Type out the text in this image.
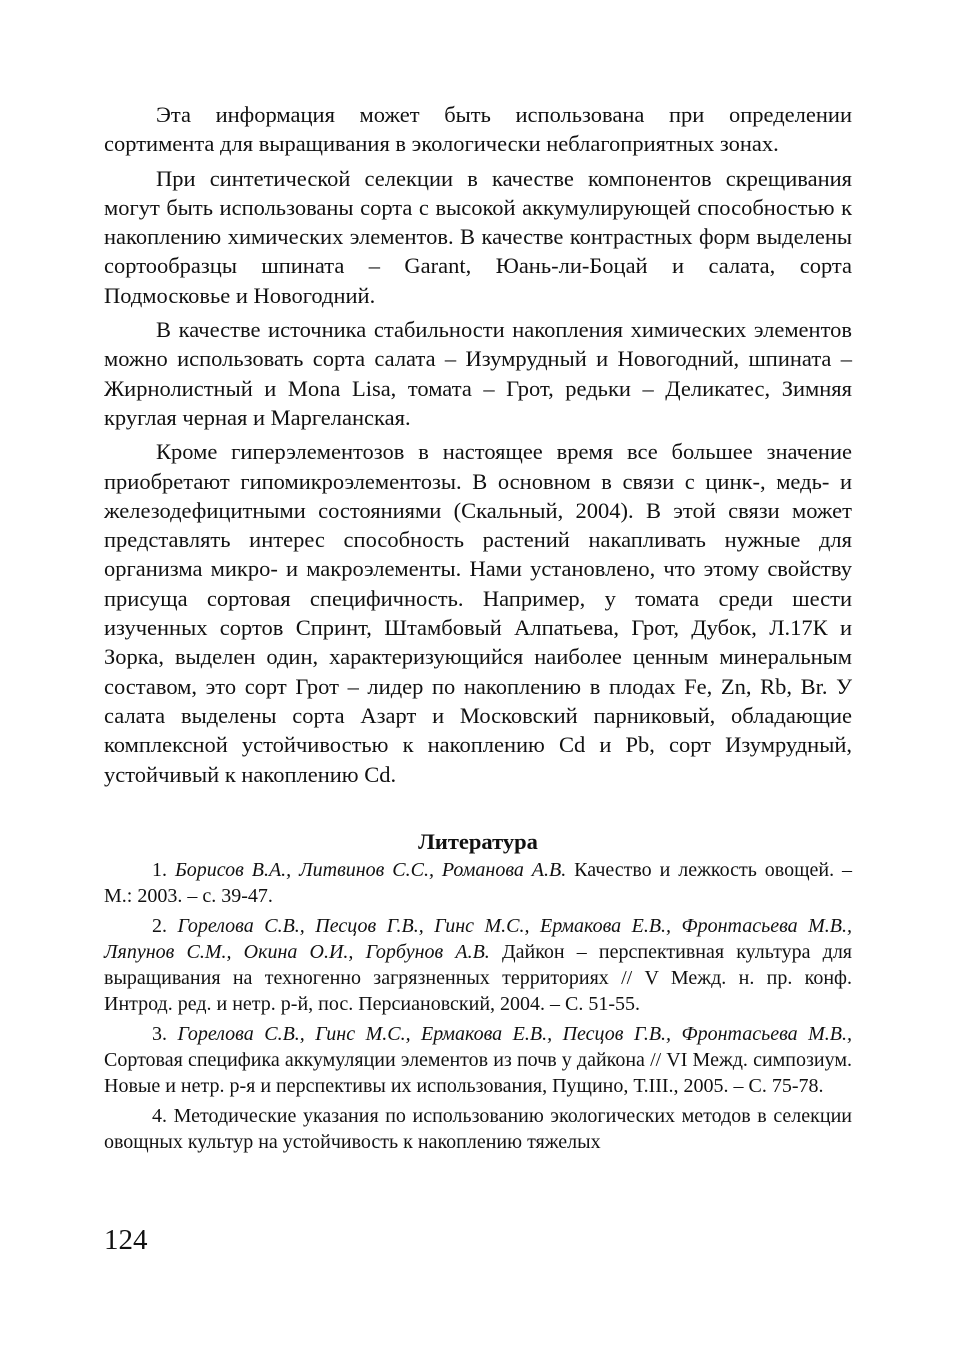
Эта информация может быть использована при определении сортимента для выращивания в экологически неблагоприятных зонах.

При синтетической селекции в качестве компонентов скрещивания могут быть использованы сорта с высокой аккумулирующей способностью к накоплению химических элементов. В качестве контрастных форм выделены сортообразцы шпината – Garant, Юань-ли-Боцай и салата, сорта Подмосковье и Новогодний.

В качестве источника стабильности накопления химических элементов можно использовать сорта салата – Изумрудный и Новогодний, шпината – Жирнолистный и Mona Lisa, томата – Грот, редьки – Деликатес, Зимняя круглая черная и Маргеланская.

Кроме гиперэлементозов в настоящее время все большее значение приобретают гипомикроэлементозы. В основном в связи с цинк-, медь- и железодефицитными состояниями (Скальный, 2004). В этой связи может представлять интерес способность растений накапливать нужные для организма микро- и макроэлементы. Нами установлено, что этому свойству присуща сортовая специфичность. Например, у томата среди шести изученных сортов Спринт, Штамбовый Алпатьева, Грот, Дубок, Л.17К и Зорка, выделен один, характеризующийся наиболее ценным минеральным составом, это сорт Грот – лидер по накоплению в плодах Fe, Zn, Rb, Br. У салата выделены сорта Азарт и Московский парниковый, обладающие комплексной устойчивостью к накоплению Cd и Pb, сорт Изумрудный, устойчивый к накоплению Cd.

Литература

1. Борисов В.А., Литвинов С.С., Романова А.В. Качество и лежкость овощей. – М.: 2003. – с. 39-47.

2. Горелова С.В., Песцов Г.В., Гинс М.С., Ермакова Е.В., Фронтасьева М.В., Ляпунов С.М., Окина О.И., Горбунов А.В. Дайкон – перспективная культура для выращивания на техногенно загрязненных территориях // V Межд. н. пр. конф. Интрод. ред. и нетр. р-й, пос. Персиановский, 2004. – С. 51-55.

3. Горелова С.В., Гинс М.С., Ермакова Е.В., Песцов Г.В., Фронтасьева М.В., Сортовая специфика аккумуляции элементов из почв у дайкона // VI Межд. симпозиум. Новые и нетр. р-я и перспективы их использования, Пущино, Т.III., 2005. – С. 75-78.

4. Методические указания по использованию экологических методов в селекции овощных культур на устойчивость к накоплению тяжелых

124
